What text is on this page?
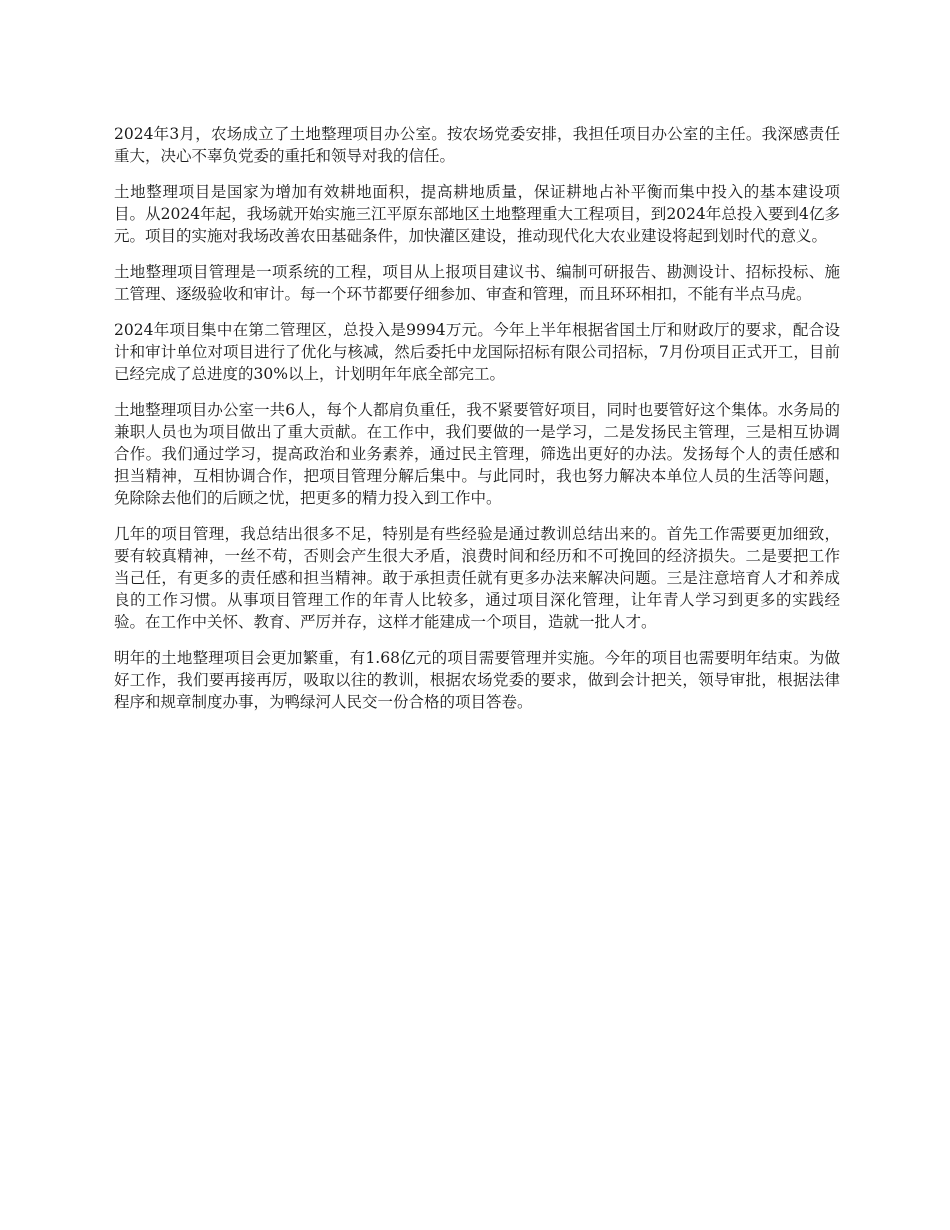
2024年3月，农场成立了土地整理项目办公室。按农场党委安排，我担任项目办公室的主任。我深感责任重大，决心不辜负党委的重托和领导对我的信任。

土地整理项目是国家为增加有效耕地面积，提高耕地质量，保证耕地占补平衡而集中投入的基本建设项目。从2024年起，我场就开始实施三江平原东部地区土地整理重大工程项目，到2024年总投入要到4亿多元。项目的实施对我场改善农田基础条件，加快灌区建设，推动现代化大农业建设将起到划时代的意义。

土地整理项目管理是一项系统的工程，项目从上报项目建议书、编制可研报告、勘测设计、招标投标、施工管理、逐级验收和审计。每一个环节都要仔细参加、审查和管理，而且环环相扣，不能有半点马虎。

2024年项目集中在第二管理区，总投入是9994万元。今年上半年根据省国土厅和财政厅的要求，配合设计和审计单位对项目进行了优化与核减，然后委托中龙国际招标有限公司招标，7月份项目正式开工，目前已经完成了总进度的30%以上，计划明年年底全部完工。

土地整理项目办公室一共6人，每个人都肩负重任，我不紧要管好项目，同时也要管好这个集体。水务局的兼职人员也为项目做出了重大贡献。在工作中，我们要做的一是学习，二是发扬民主管理，三是相互协调合作。我们通过学习，提高政治和业务素养，通过民主管理，筛选出更好的办法。发扬每个人的责任感和担当精神，互相协调合作，把项目管理分解后集中。与此同时，我也努力解决本单位人员的生活等问题，免除除去他们的后顾之忧，把更多的精力投入到工作中。

几年的项目管理，我总结出很多不足，特别是有些经验是通过教训总结出来的。首先工作需要更加细致，要有较真精神，一丝不苟，否则会产生很大矛盾，浪费时间和经历和不可挽回的经济损失。二是要把工作当己任，有更多的责任感和担当精神。敢于承担责任就有更多办法来解决问题。三是注意培育人才和养成良的工作习惯。从事项目管理工作的年青人比较多，通过项目深化管理，让年青人学习到更多的实践经验。在工作中关怀、教育、严厉并存，这样才能建成一个项目，造就一批人才。

明年的土地整理项目会更加繁重，有1.68亿元的项目需要管理并实施。今年的项目也需要明年结束。为做好工作，我们要再接再厉，吸取以往的教训，根据农场党委的要求，做到会计把关，领导审批，根据法律程序和规章制度办事，为鸭绿河人民交一份合格的项目答卷。
